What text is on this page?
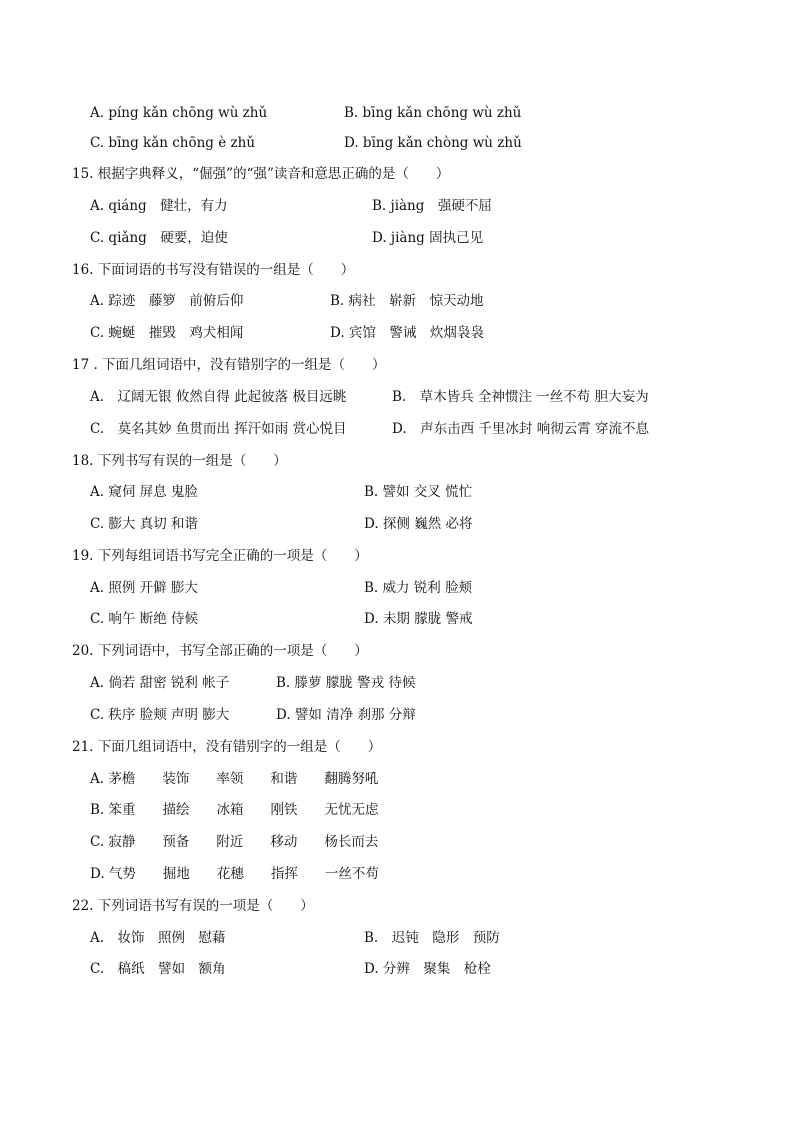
A. píng kǎn chōng wù zhǔ	B. bīng kǎn chōng wù zhǔ
C. bīng kǎn chōng è zhǔ	D. bīng kǎn chòng wù zhǔ
15. 根据字典释义，“倔强”的“强”读音和意思正确的是（　　）
A. qiáng　健壮，有力	B. jiàng　强硬不屈
C. qiǎng　硬要，迫使	D. jiàng 固执己见
16. 下面词语的书写没有错误的一组是（　　）
A. 踪迹　藤箩　前俯后仰	B. 病社　崭新　惊天动地
C. 蜿蜒　摧毁　鸡犬相闻	D. 宾馆　警诫　炊烟袅袅
17 . 下面几组词语中，没有错别字的一组是（　　）
A.　辽阔无银 攸然自得 此起彼落 极目远眺	B.　草木皆兵 全神惯注 一丝不苟 胆大妄为
C.　莫名其妙 鱼贯而出 挥汗如雨 赏心悦目	D.　声东击西 千里冰封 响彻云霄 穿流不息
18. 下列书写有误的一组是（　　）
A. 窥伺 屏息 鬼脸	B. 譬如 交叉 慌忙
C. 膨大 真切 和谐	D. 探侧 巍然 必将
19. 下列每组词语书写完全正确的一项是（　　）
A. 照例 开僻 膨大	B. 威力 锐利 脸颊
C. 响午 断绝 侍候	D. 未期 朦胧 警戒
20. 下列词语中，书写全部正确的一项是（　　）
A. 倘若 甜密 锐利 帐子	B. 滕萝 朦胧 警戎 待候
C. 秩序 脸颊 声明 膨大	D. 譬如 清净 刹那 分辩
21. 下面几组词语中，没有错别字的一组是（　　）
A. 茅檐　　装饰　　率领　　和谐　　翻腾努吼
B. 笨重　　描绘　　冰箱　　刚铁　　无忧无虑
C. 寂静　　预备　　附近　　移动　　杨长而去
D. 气势　　掘地　　花穗　　指挥　　一丝不苟
22. 下列词语书写有误的一项是（　　）
A.　妆饰　照例　慰藉	B.　迟钝　隐形　预防
C.　稿纸　譬如　额角	D. 分辨　聚集　枪栓
